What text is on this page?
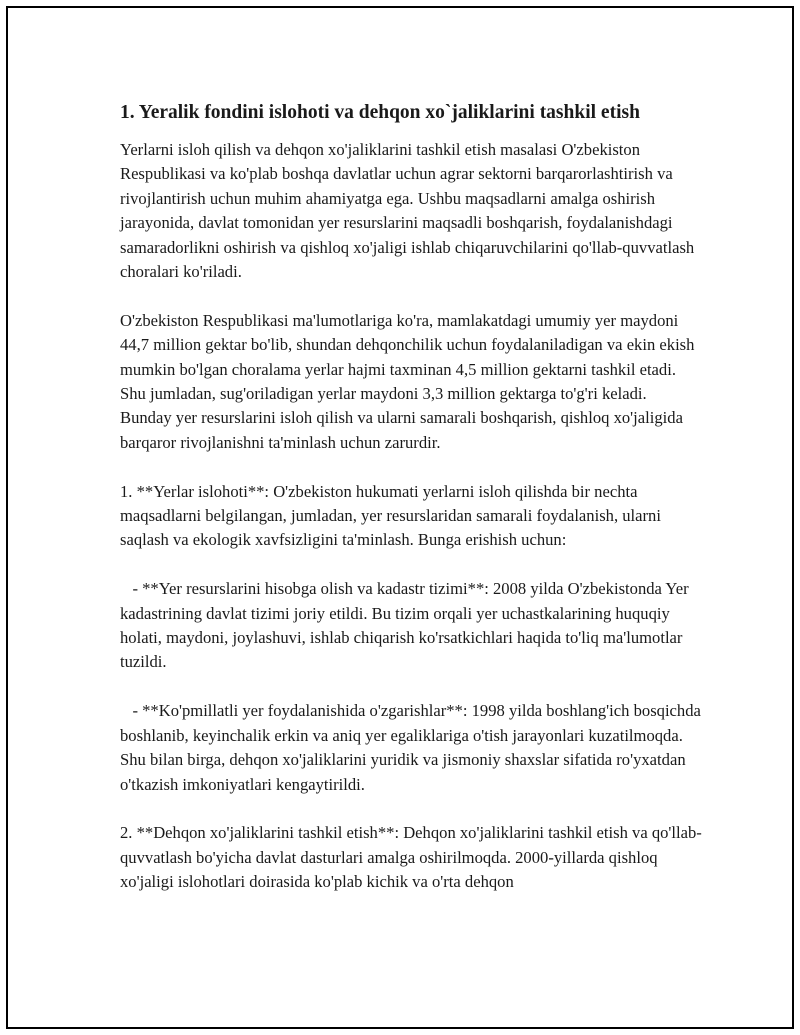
1. Yeralik fondini islohoti va dehqon xo`jaliklarini tashkil etish

Yerlarni isloh qilish va dehqon xo'jaliklarini tashkil etish masalasi O'zbekiston Respublikasi va ko'plab boshqa davlatlar uchun agrar sektorni barqarorlashtirish va rivojlantirish uchun muhim ahamiyatga ega. Ushbu maqsadlarni amalga oshirish jarayonida, davlat tomonidan yer resurslarini maqsadli boshqarish, foydalanishdagi samaradorlikni oshirish va qishloq xo'jaligi ishlab chiqaruvchilarini qo'llab-quvvatlash choralari ko'riladi.

O'zbekiston Respublikasi ma'lumotlariga ko'ra, mamlakatdagi umumiy yer maydoni 44,7 million gektar bo'lib, shundan dehqonchilik uchun foydalaniladigan va ekin ekish mumkin bo'lgan choralama yerlar hajmi taxminan 4,5 million gektarni tashkil etadi. Shu jumladan, sug'oriladigan yerlar maydoni 3,3 million gektarga to'g'ri keladi. Bunday yer resurslarini isloh qilish va ularni samarali boshqarish, qishloq xo'jaligida barqaror rivojlanishni ta'minlash uchun zarurdir.

1. **Yerlar islohoti**: O'zbekiston hukumati yerlarni isloh qilishda bir nechta maqsadlarni belgilangan, jumladan, yer resurslaridan samarali foydalanish, ularni saqlash va ekologik xavfsizligini ta'minlash. Bunga erishish uchun:

- **Yer resurslarini hisobga olish va kadastr tizimi**: 2008 yilda O'zbekistonda Yer kadastrining davlat tizimi joriy etildi. Bu tizim orqali yer uchastkalarining huquqiy holati, maydoni, joylashuvi, ishlab chiqarish ko'rsatkichlari haqida to'liq ma'lumotlar tuzildi.

- **Ko'pmillatli yer foydalanishida o'zgarishlar**: 1998 yilda boshlang'ich bosqichda boshlanib, keyinchalik erkin va aniq yer egaliklariga o'tish jarayonlari kuzatilmoqda. Shu bilan birga, dehqon xo'jaliklarini yuridik va jismoniy shaxslar sifatida ro'yxatdan o'tkazish imkoniyatlari kengaytirildi.

2. **Dehqon xo'jaliklarini tashkil etish**: Dehqon xo'jaliklarini tashkil etish va qo'llab-quvvatlash bo'yicha davlat dasturlari amalga oshirilmoqda. 2000-yillarda qishloq xo'jaligi islohotlari doirasida ko'plab kichik va o'rta dehqon
